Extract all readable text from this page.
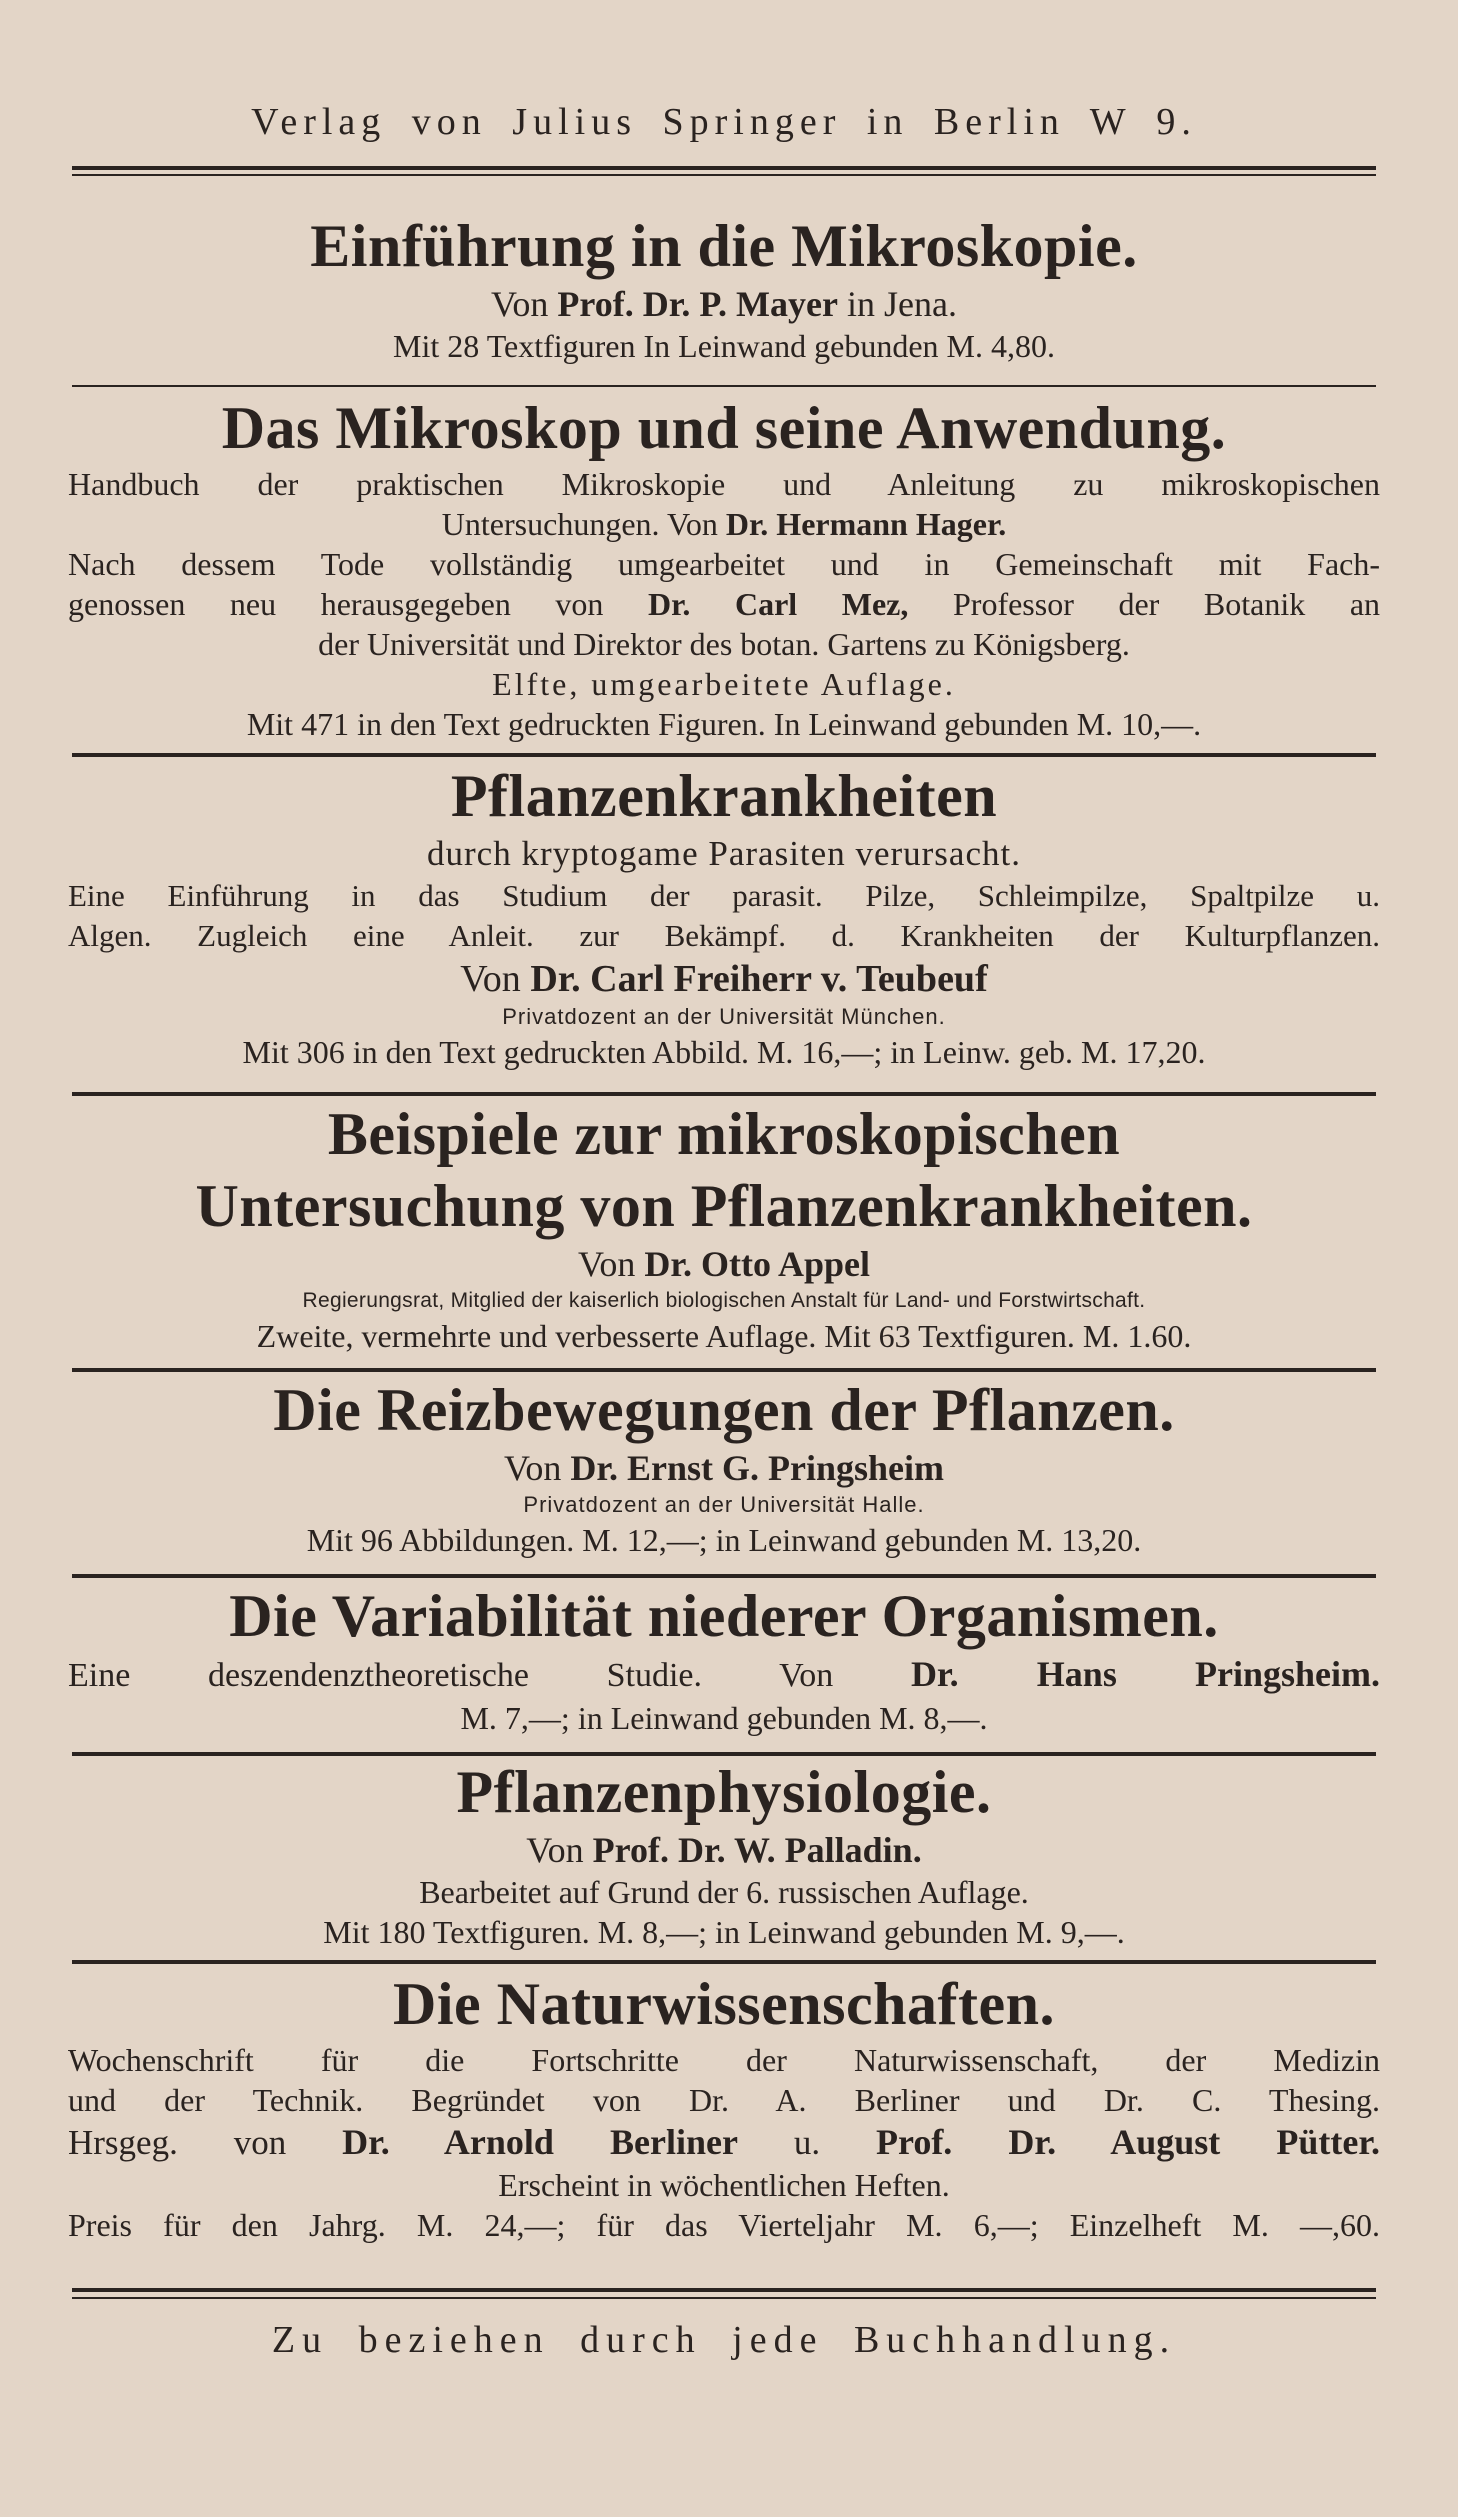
Verlag von Julius Springer in Berlin W 9.
Einführung in die Mikroskopie.
Von Prof. Dr. P. Mayer in Jena.
Mit 28 Textfiguren In Leinwand gebunden M. 4,80.
Das Mikroskop und seine Anwendung.
Handbuch der praktischen Mikroskopie und Anleitung zu mikroskopischen
Untersuchungen. Von Dr. Hermann Hager.
Nach dessem Tode vollständig umgearbeitet und in Gemeinschaft mit Fach-
genossen neu herausgegeben von Dr. Carl Mez, Professor der Botanik an
der Universität und Direktor des botan. Gartens zu Königsberg.
Elfte, umgearbeitete Auflage.
Mit 471 in den Text gedruckten Figuren. In Leinwand gebunden M. 10,—.
Pflanzenkrankheiten
durch kryptogame Parasiten verursacht.
Eine Einführung in das Studium der parasit. Pilze, Schleimpilze, Spaltpilze u.
Algen. Zugleich eine Anleit. zur Bekämpf. d. Krankheiten der Kulturpflanzen.
Von Dr. Carl Freiherr v. Teubeuf
Privatdozent an der Universität München.
Mit 306 in den Text gedruckten Abbild. M. 16,—; in Leinw. geb. M. 17,20.
Beispiele zur mikroskopischen
Untersuchung von Pflanzenkrankheiten.
Von Dr. Otto Appel
Regierungsrat, Mitglied der kaiserlich biologischen Anstalt für Land- und Forstwirtschaft.
Zweite, vermehrte und verbesserte Auflage. Mit 63 Textfiguren. M. 1.60.
Die Reizbewegungen der Pflanzen.
Von Dr. Ernst G. Pringsheim
Privatdozent an der Universität Halle.
Mit 96 Abbildungen. M. 12,—; in Leinwand gebunden M. 13,20.
Die Variabilität niederer Organismen.
Eine deszendenztheoretische Studie. Von Dr. Hans Pringsheim.
M. 7,—; in Leinwand gebunden M. 8,—.
Pflanzenphysiologie.
Von Prof. Dr. W. Palladin.
Bearbeitet auf Grund der 6. russischen Auflage.
Mit 180 Textfiguren. M. 8,—; in Leinwand gebunden M. 9,—.
Die Naturwissenschaften.
Wochenschrift für die Fortschritte der Naturwissenschaft, der Medizin
und der Technik. Begründet von Dr. A. Berliner und Dr. C. Thesing.
Hrsgeg. von Dr. Arnold Berliner u. Prof. Dr. August Pütter.
Erscheint in wöchentlichen Heften.
Preis für den Jahrg. M. 24,—; für das Vierteljahr M. 6,—; Einzelheft M. —,60.
Zu beziehen durch jede Buchhandlung.
